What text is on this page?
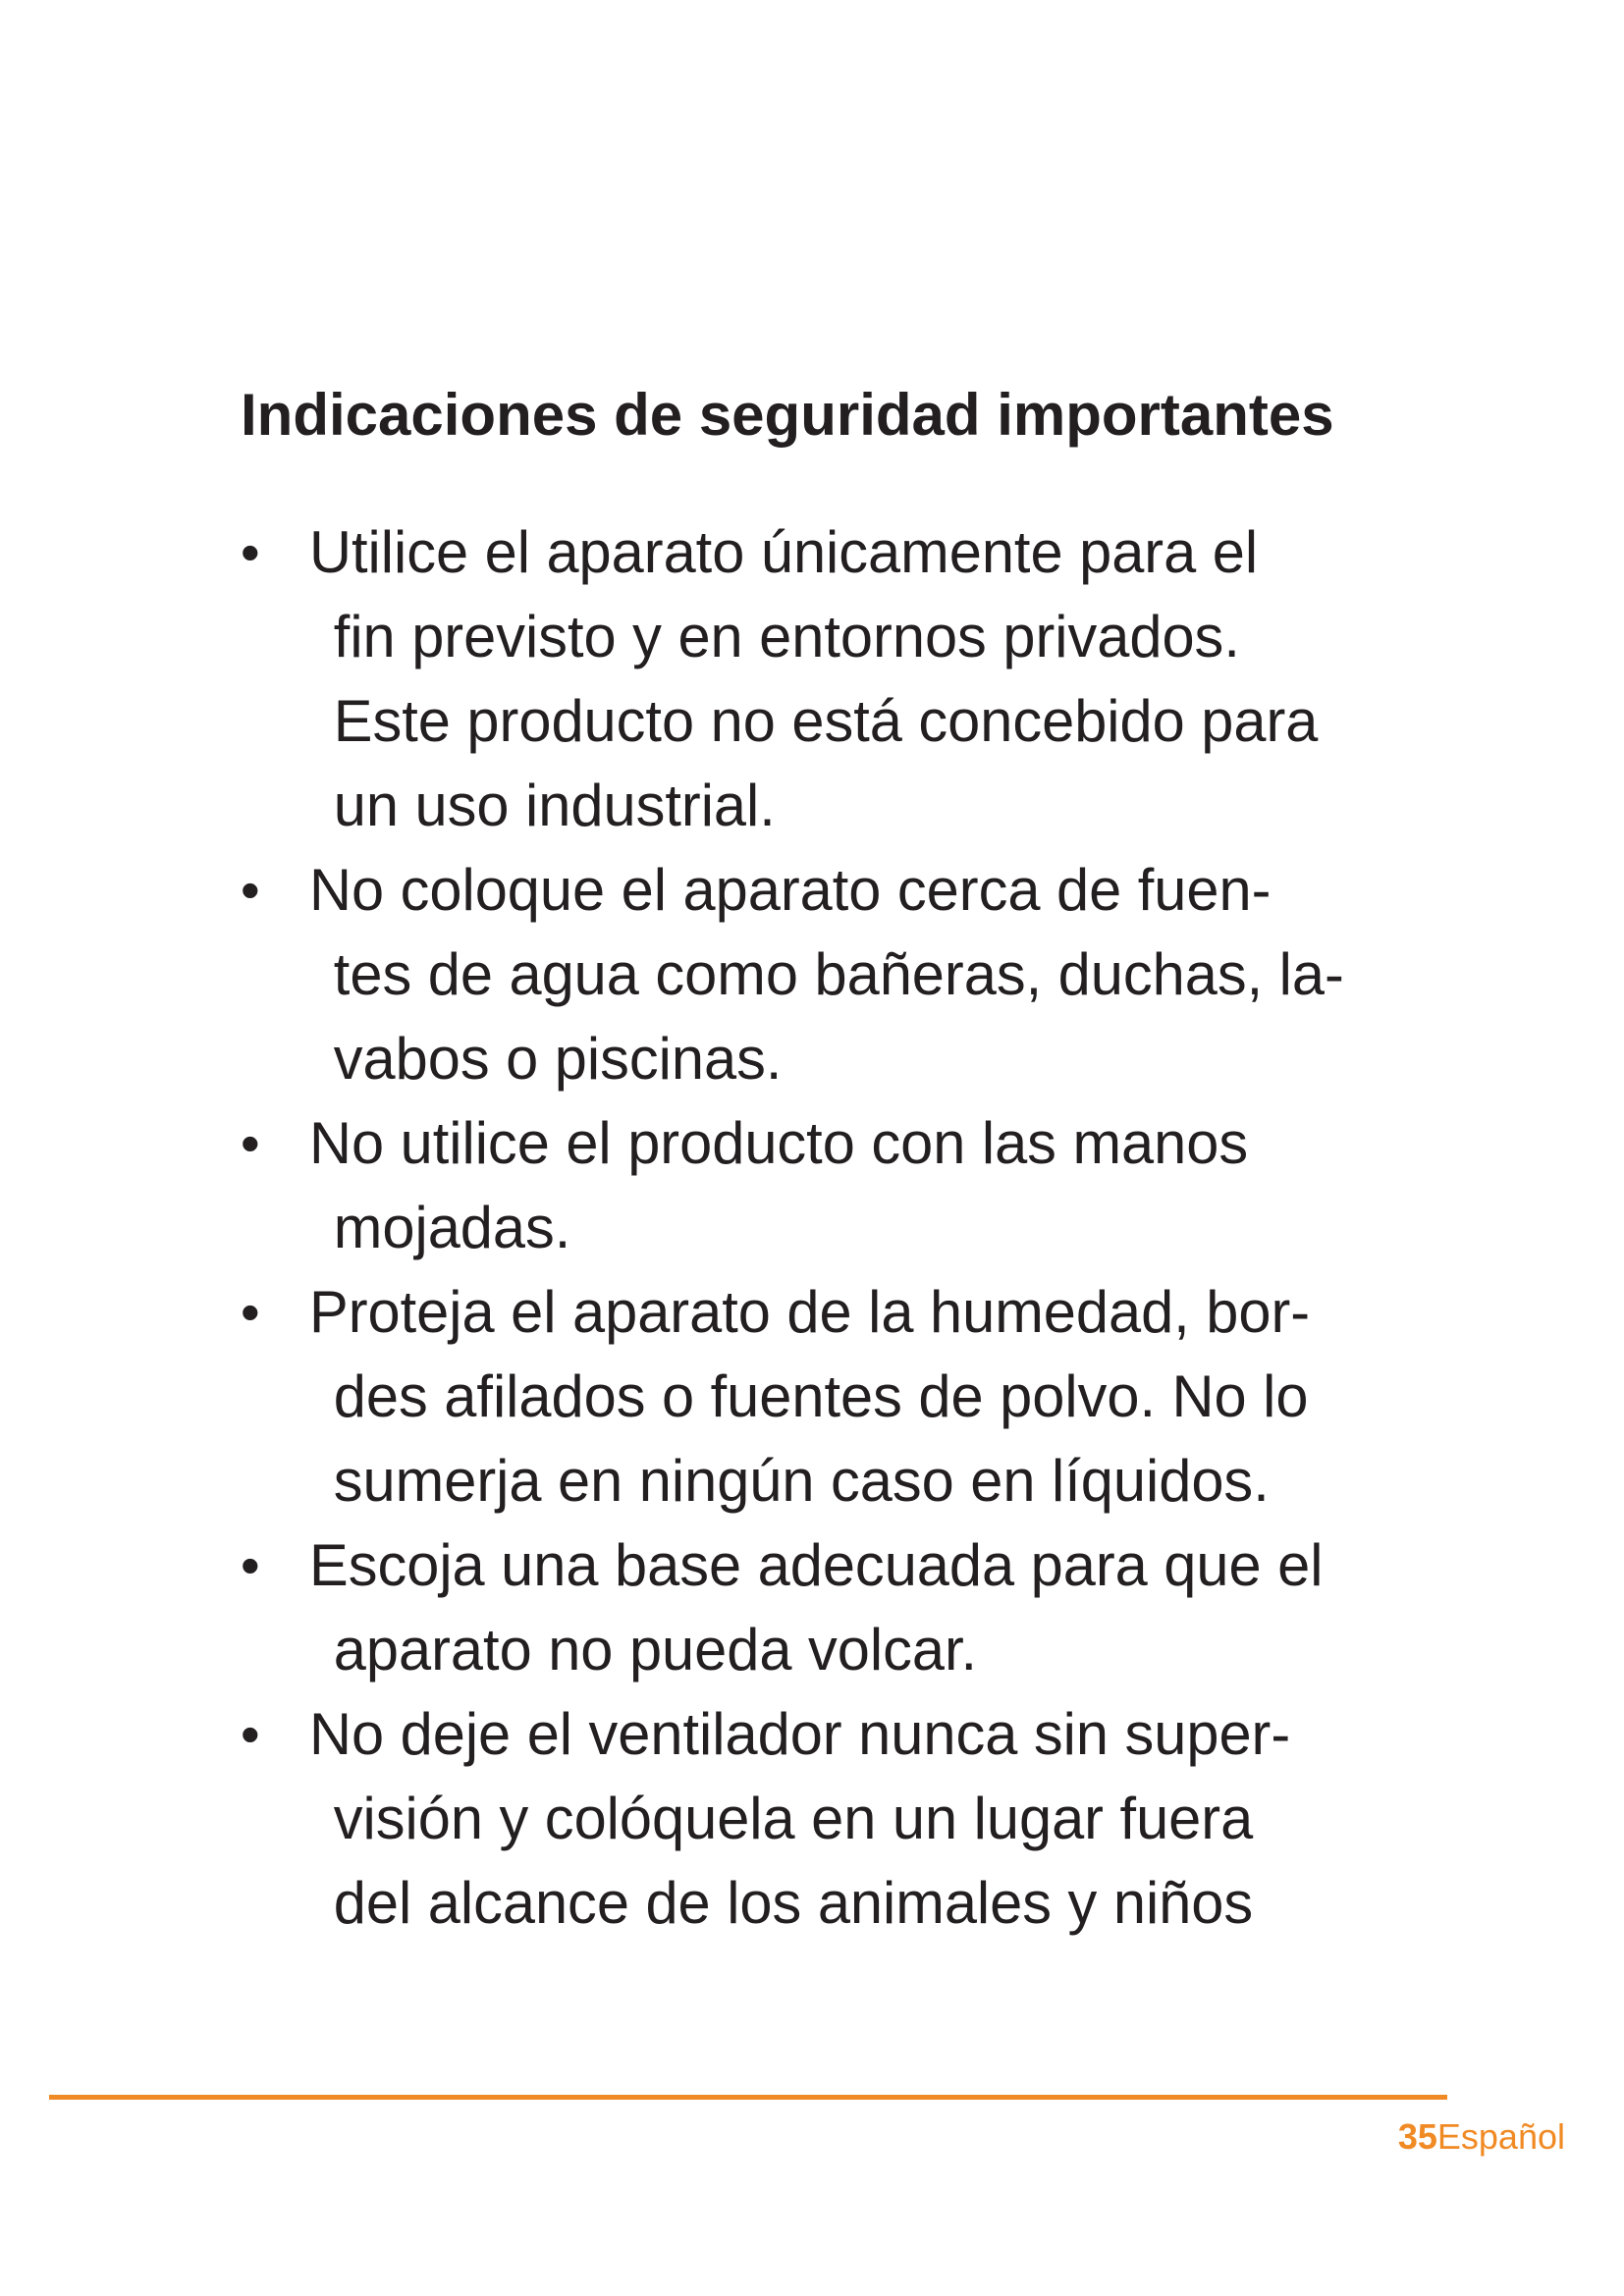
Indicaciones de seguridad importantes
• Utilice el aparato únicamente para el
fin previsto y en entornos privados.
Este producto no está concebido para
un uso industrial.
• No coloque el aparato cerca de fuen-
tes de agua como bañeras, duchas, la-
vabos o piscinas.
• No utilice el producto con las manos
mojadas.
• Proteja el aparato de la humedad, bor-
des afilados o fuentes de polvo. No lo
sumerja en ningún caso en líquidos.
• Escoja una base adecuada para que el
aparato no pueda volcar.
• No deje el ventilador nunca sin super-
visión y colóquela en un lugar fuera
del alcance de los animales y niños
35Español
